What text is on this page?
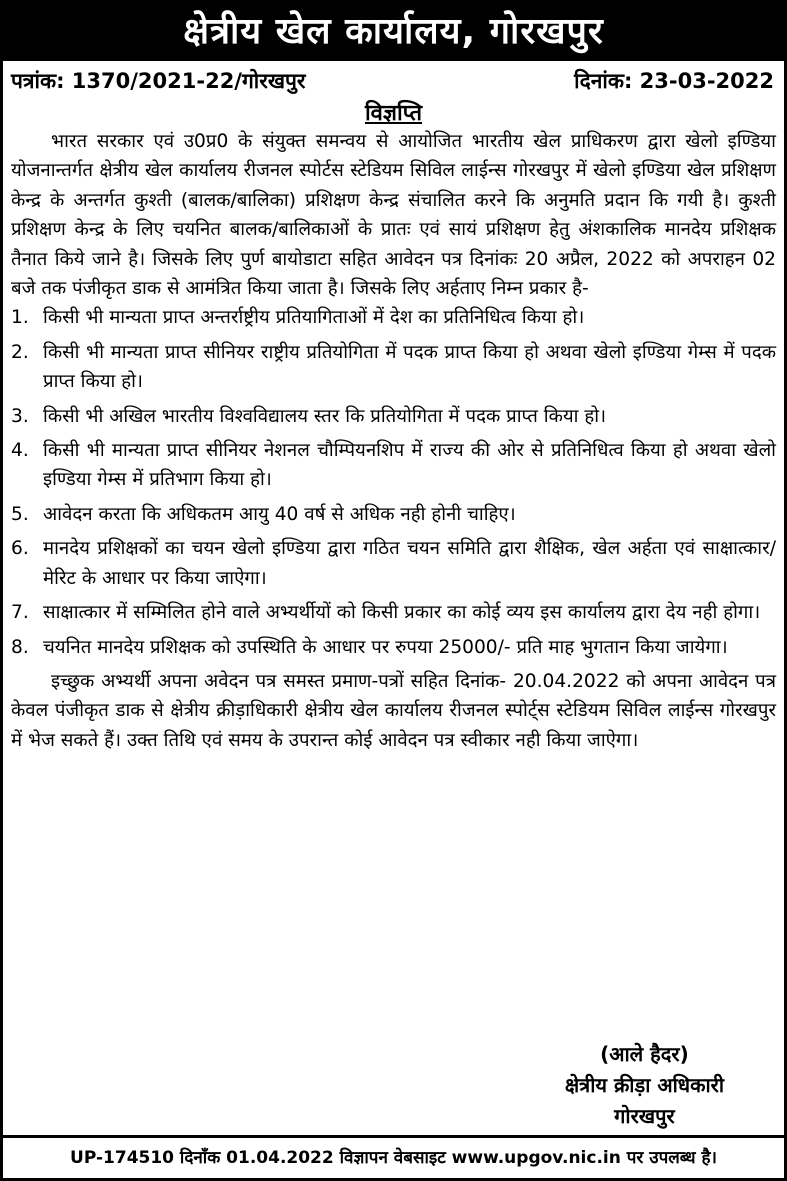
क्षेत्रीय खेल कार्यालय, गोरखपुर
पत्रांक: 1370/2021-22/गोरखपुर	दिनांक: 23-03-2022
विज्ञप्ति

भारत सरकार एवं उ0प्र0 के संयुक्त समन्वय से आयोजित भारतीय खेल प्राधिकरण द्वारा खेलो इण्डिया योजनान्तर्गत क्षेत्रीय खेल कार्यालय रीजनल स्पोर्टस स्टेडियम सिविल लाईन्स गोरखपुर में खेलो इण्डिया खेल प्रशिक्षण केन्द्र के अन्तर्गत कुश्ती (बालक/बालिका) प्रशिक्षण केन्द्र संचालित करने कि अनुमति प्रदान कि गयी है। कुश्ती प्रशिक्षण केन्द्र के लिए चयनित बालक/बालिकाओं के प्रातः एवं सायं प्रशिक्षण हेतु अंशकालिक मानदेय प्रशिक्षक तैनात किये जाने है। जिसके लिए पुर्ण बायोडाटा सहित आवेदन पत्र दिनांकः 20 अप्रैल, 2022 को अपराहन 02 बजे तक पंजीकृत डाक से आमंत्रित किया जाता है। जिसके लिए अर्हताए निम्न प्रकार है-

1. किसी भी मान्यता प्राप्त अन्तर्राष्ट्रीय प्रतियागिताओं में देश का प्रतिनिधित्व किया हो।
2. किसी भी मान्यता प्राप्त सीनियर राष्ट्रीय प्रतियोगिता में पदक प्राप्त किया हो अथवा खेलो इण्डिया गेम्स में पदक प्राप्त किया हो।
3. किसी भी अखिल भारतीय विश्वविद्यालय स्तर कि प्रतियोगिता में पदक प्राप्त किया हो।
4. किसी भी मान्यता प्राप्त सीनियर नेशनल चौम्पियनशिप में राज्य की ओर से प्रतिनिधित्व किया हो अथवा खेलो इण्डिया गेम्स में प्रतिभाग किया हो।
5. आवेदन करता कि अधिकतम आयु 40 वर्ष से अधिक नही होनी चाहिए।
6. मानदेय प्रशिक्षकों का चयन खेलो इण्डिया द्वारा गठित चयन समिति द्वारा शैक्षिक, खेल अर्हता एवं साक्षात्कार/मेरिट के आधार पर किया जाऐगा।
7. साक्षात्कार में सम्मिलित होने वाले अभ्यर्थीयों को किसी प्रकार का कोई व्यय इस कार्यालय द्वारा देय नही होगा।
8. चयनित मानदेय प्रशिक्षक को उपस्थिति के आधार पर रुपया 25000/- प्रति माह भुगतान किया जायेगा।

इच्छुक अभ्यर्थी अपना अवेदन पत्र समस्त प्रमाण-पत्रों सहित दिनांक- 20.04.2022 को अपना आवेदन पत्र केवल पंजीकृत डाक से क्षेत्रीय क्रीड़ाधिकारी क्षेत्रीय खेल कार्यालय रीजनल स्पोर्ट्स स्टेडियम सिविल लाईन्स गोरखपुर में भेज सकते हैं। उक्त तिथि एवं समय के उपरान्त कोई आवेदन पत्र स्वीकार नही किया जाऐगा।

(आले हैदर)
क्षेत्रीय क्रीड़ा अधिकारी
गोरखपुर
UP-174510 दिनाँक 01.04.2022 विज्ञापन वेबसाइट www.upgov.nic.in पर उपलब्ध है।
